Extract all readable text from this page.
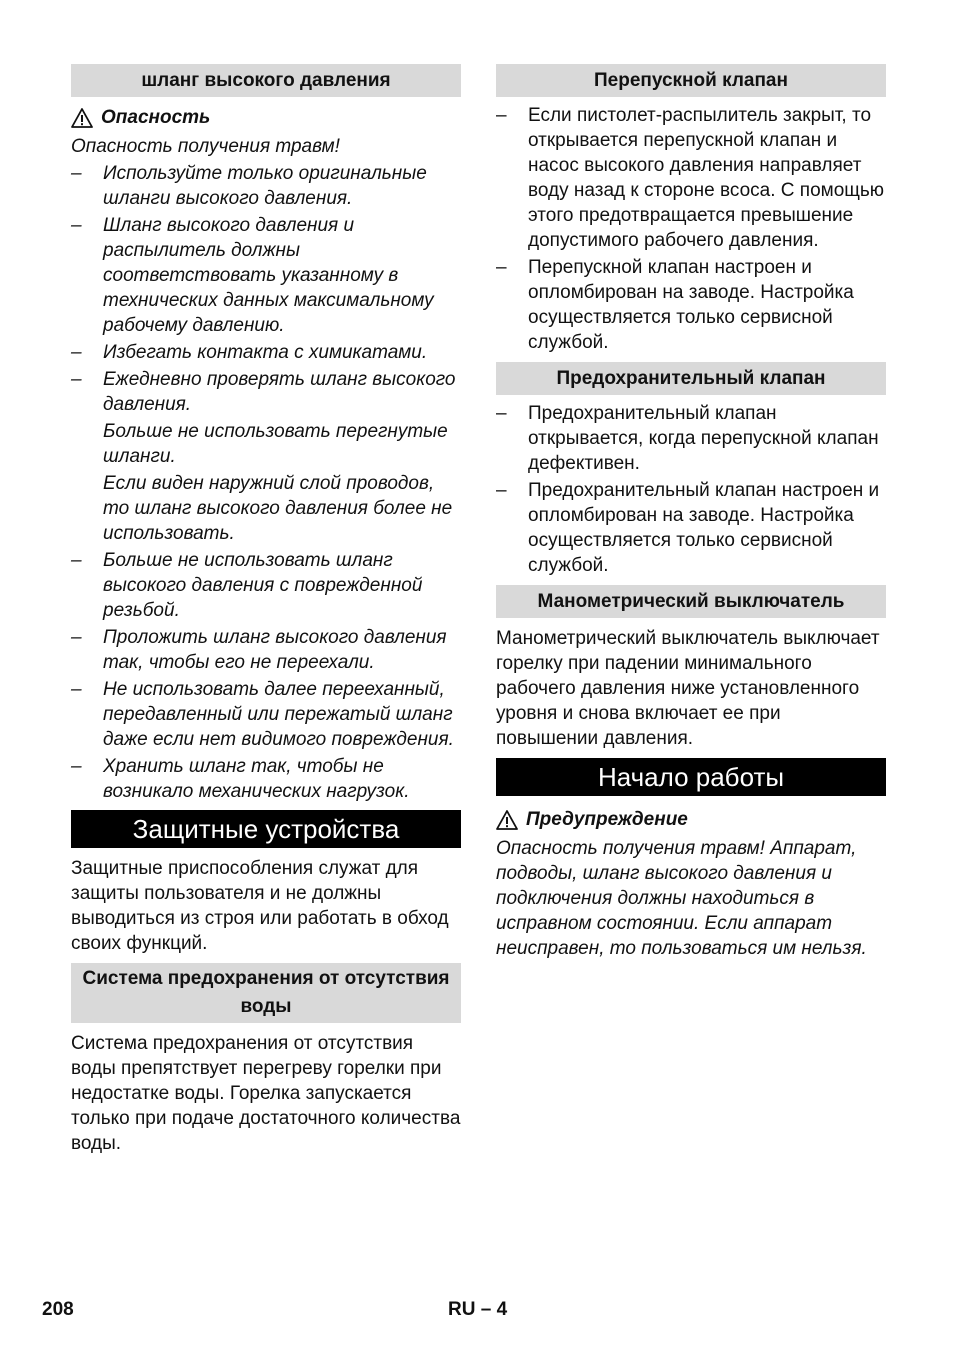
шланг высокого давления
Опасность

Опасность получения травм!

– Используйте только оригинальные шланги высокого давления.
– Шланг высокого давления и распылитель должны соответствовать указанному в технических данных максимальному рабочему давлению.
– Избегать контакта с химикатами.
– Ежедневно проверять шланг высокого давления.

Больше не использовать перегнутые шланги.

Если виден наружний слой проводов, то шланг высокого давления более не использовать.

– Больше не использовать шланг высокого давления с поврежденной резьбой.
– Проложить шланг высокого давления так, чтобы его не переехали.
– Не использовать далее перееханный, передавленный или пережатый шланг даже если нет видимого повреждения.
– Хранить шланг так, чтобы не возникало механических нагрузок.
Защитные устройства

Защитные приспособления служат для защиты пользователя и не должны выводиться из строя или работать в обход своих функций.

Система предохранения от отсутствия воды

Система предохранения от отсутствия воды препятствует перегреву горелки при недостатке воды. Горелка запускается только при подаче достаточного количества воды.

Перепускной клапан
– Если пистолет-распылитель закрыт, то открывается перепускной клапан и насос высокого давления направляет воду назад к стороне всоса. С помощью этого предотвращается превышение допустимого рабочего давления.
– Перепускной клапан настроен и опломбирован на заводе. Настройка осуществляется только сервисной службой.
Предохранительный клапан
– Предохранительный клапан открывается, когда перепускной клапан дефективен.
– Предохранительный клапан настроен и опломбирован на заводе. Настройка осуществляется только сервисной службой.
Манометрический выключатель

Манометрический выключатель выключает горелку при падении минимального рабочего давления ниже установленного уровня и снова включает ее при повышении давления.

Начало работы
Предупреждение

Опасность получения травм! Аппарат, подводы, шланг высокого давления и подключения должны находиться в исправном состоянии. Если аппарат неисправен, то пользоваться им нельзя.

208	RU – 4
